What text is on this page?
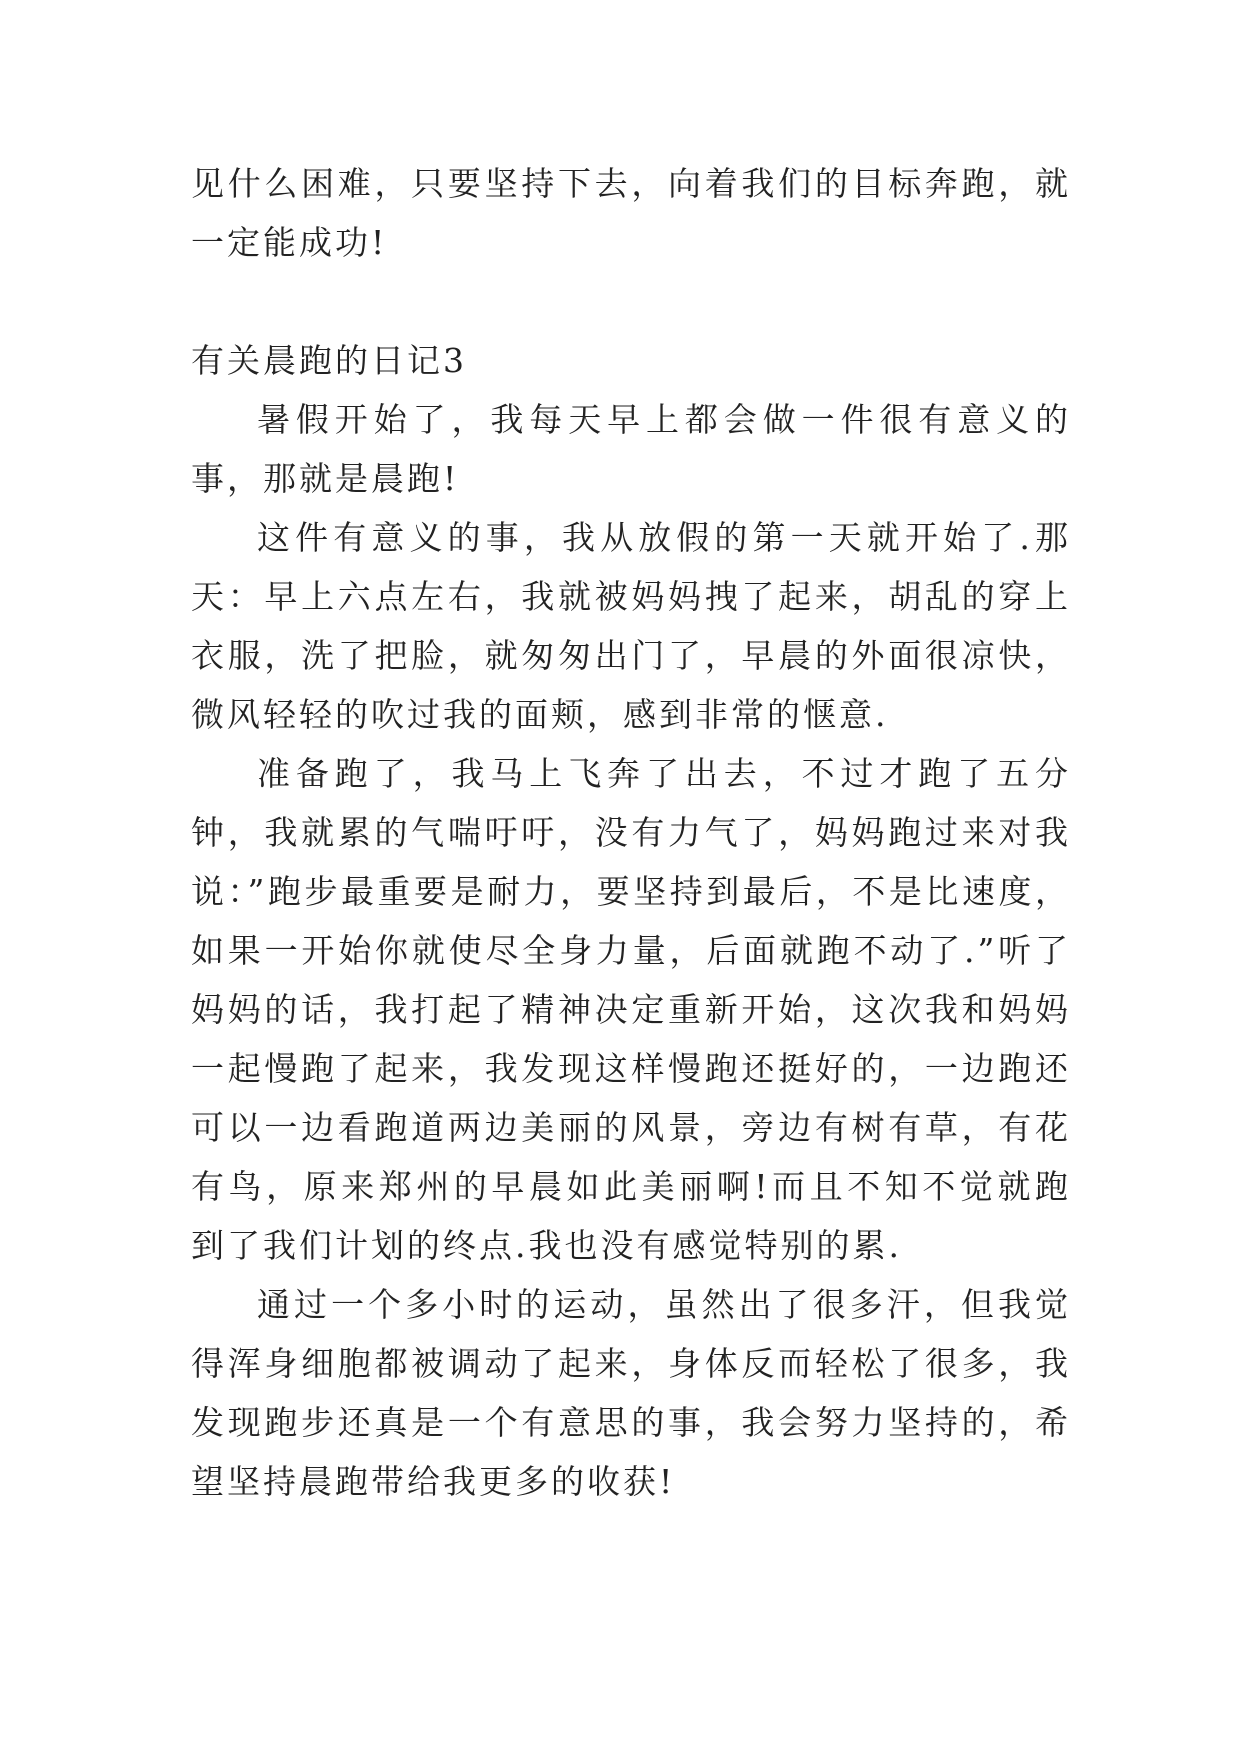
见什么困难，只要坚持下去，向着我们的目标奔跑，就一定能成功!

有关晨跑的日记3

暑假开始了，我每天早上都会做一件很有意义的事，那就是晨跑!

这件有意义的事，我从放假的第一天就开始了.那天：早上六点左右，我就被妈妈拽了起来，胡乱的穿上衣服，洗了把脸，就匆匆出门了，早晨的外面很凉快，微风轻轻的吹过我的面颊，感到非常的惬意.

准备跑了，我马上飞奔了出去，不过才跑了五分钟，我就累的气喘吁吁，没有力气了，妈妈跑过来对我说：”跑步最重要是耐力，要坚持到最后，不是比速度，如果一开始你就使尽全身力量，后面就跑不动了.”听了妈妈的话，我打起了精神决定重新开始，这次我和妈妈一起慢跑了起来，我发现这样慢跑还挺好的，一边跑还可以一边看跑道两边美丽的风景，旁边有树有草，有花有鸟，原来郑州的早晨如此美丽啊!而且不知不觉就跑到了我们计划的终点.我也没有感觉特别的累.

通过一个多小时的运动，虽然出了很多汗，但我觉得浑身细胞都被调动了起来，身体反而轻松了很多，我发现跑步还真是一个有意思的事，我会努力坚持的，希望坚持晨跑带给我更多的收获!
